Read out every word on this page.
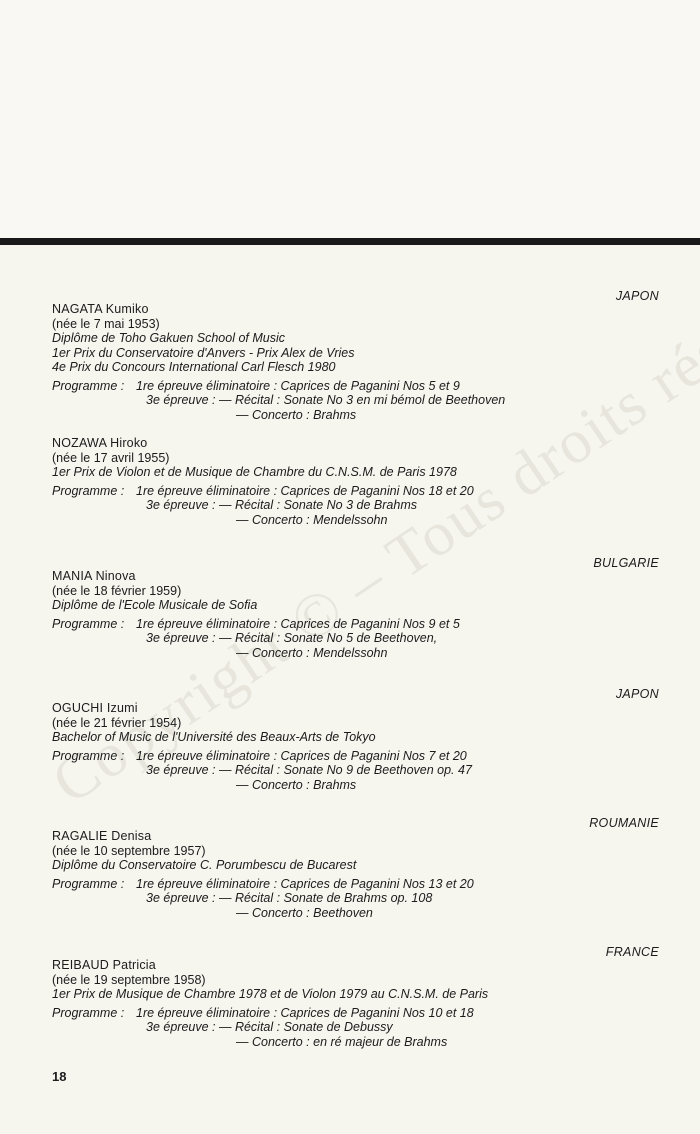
JAPON
NAGATA Kumiko
(née le 7 mai 1953)
Diplôme de Toho Gakuen School of Music
1er Prix du Conservatoire d'Anvers - Prix Alex de Vries
4e Prix du Concours International Carl Flesch 1980
Programme : 1re épreuve éliminatoire : Caprices de Paganini Nos 5 et 9
3e épreuve : — Récital : Sonate No 3 en mi bémol de Beethoven
— Concerto : Brahms
NOZAWA Hiroko
(née le 17 avril 1955)
1er Prix de Violon et de Musique de Chambre du C.N.S.M. de Paris 1978
Programme : 1re épreuve éliminatoire : Caprices de Paganini Nos 18 et 20
3e épreuve : — Récital : Sonate No 3 de Brahms
— Concerto : Mendelssohn
BULGARIE
MANIA Ninova
(née le 18 février 1959)
Diplôme de l'Ecole Musicale de Sofia
Programme : 1re épreuve éliminatoire : Caprices de Paganini Nos 9 et 5
3e épreuve : — Récital : Sonate No 5 de Beethoven,
— Concerto : Mendelssohn
JAPON
OGUCHI Izumi
(née le 21 février 1954)
Bachelor of Music de l'Université des Beaux-Arts de Tokyo
Programme : 1re épreuve éliminatoire : Caprices de Paganini Nos 7 et 20
3e épreuve : — Récital : Sonate No 9 de Beethoven op. 47
— Concerto : Brahms
ROUMANIE
RAGALIE Denisa
(née le 10 septembre 1957)
Diplôme du Conservatoire C. Porumbescu de Bucarest
Programme : 1re épreuve éliminatoire : Caprices de Paganini Nos 13 et 20
3e épreuve : — Récital : Sonate de Brahms op. 108
— Concerto : Beethoven
FRANCE
REIBAUD Patricia
(née le 19 septembre 1958)
1er Prix de Musique de Chambre 1978 et de Violon 1979 au C.N.S.M. de Paris
Programme : 1re épreuve éliminatoire : Caprices de Paganini Nos 10 et 18
3e épreuve : — Récital : Sonate de Debussy
— Concerto : en ré majeur de Brahms
18
